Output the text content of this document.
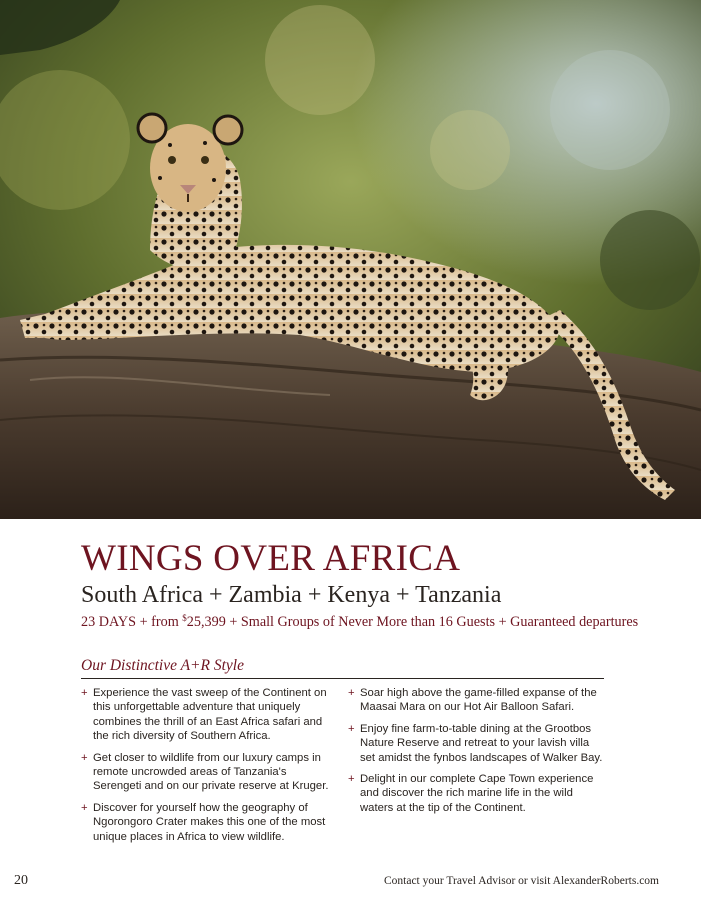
WINGS OVER AFRICA
South Africa + Zambia + Kenya + Tanzania
23 DAYS + from $25,399 + Small Groups of Never More than 16 Guests + Guaranteed departures
Our Distinctive A+R Style
+ Experience the vast sweep of the Continent on this unforgettable adventure that uniquely combines the thrill of an East Africa safari and the rich diversity of Southern Africa.
+ Get closer to wildlife from our luxury camps in remote uncrowded areas of Tanzania's Serengeti and on our private reserve at Kruger.
+ Discover for yourself how the geography of Ngorongoro Crater makes this one of the most unique places in Africa to view wildlife.
+ Soar high above the game-filled expanse of the Maasai Mara on our Hot Air Balloon Safari.
+ Enjoy fine farm-to-table dining at the Grootbos Nature Reserve and retreat to your lavish villa set amidst the fynbos landscapes of Walker Bay.
+ Delight in our complete Cape Town experience and discover the rich marine life in the wild waters at the tip of the Continent.
20	Contact your Travel Advisor or visit AlexanderRoberts.com
